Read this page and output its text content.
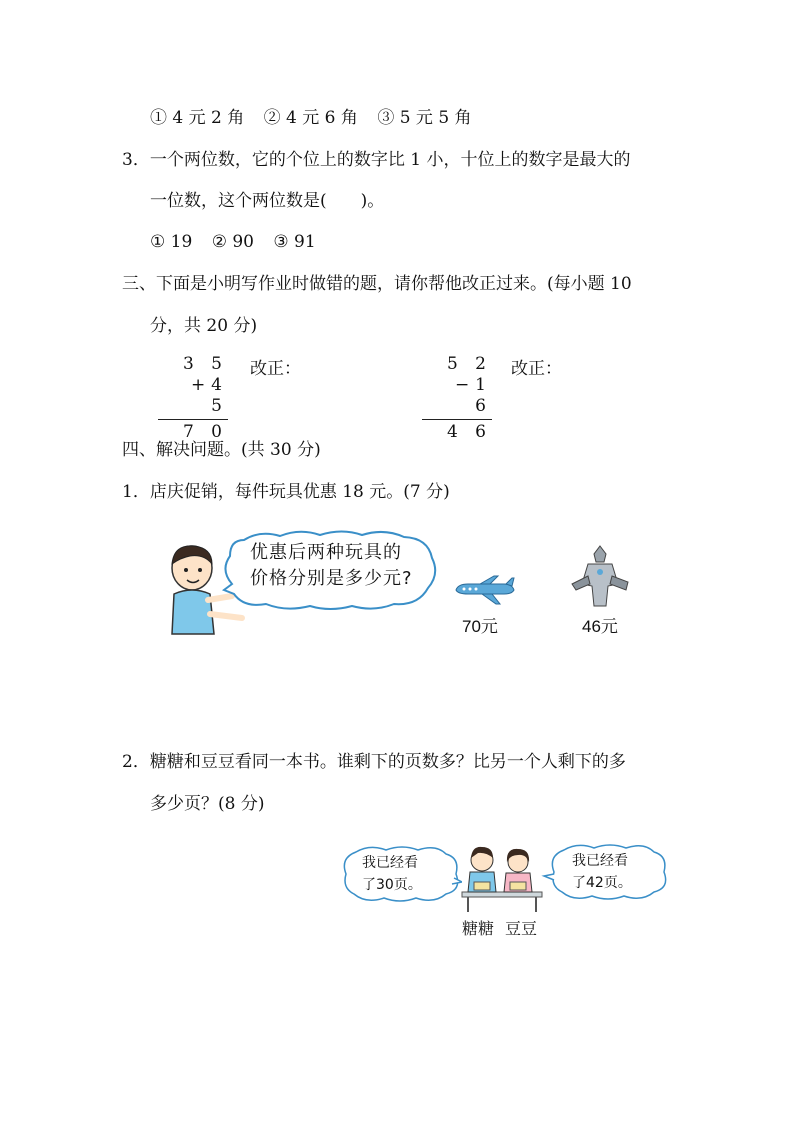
① 4 元 2 角 ② 4 元 6 角 ③ 5 元 5 角
3．一个两位数，它的个位上的数字比 1 小，十位上的数字是最大的
一位数，这个两位数是(　　)。
① 19 ② 90 ③ 91
三、下面是小明写作业时做错的题，请你帮他改正过来。(每小题 10
分，共 20 分)
3 5
+4 5
7 0
改正：	5 2
−1 6
4 6
改正：
四、解决问题。(共 30 分)
1．店庆促销，每件玩具优惠 18 元。(7 分)
优惠后两种玩具的
价格分别是多少元?
70元	46元
2．糖糖和豆豆看同一本书。谁剩下的页数多？比另一个人剩下的多
多少页？(8 分)
我已经看
了30页。
糖糖 豆豆
我已经看
了42页。
